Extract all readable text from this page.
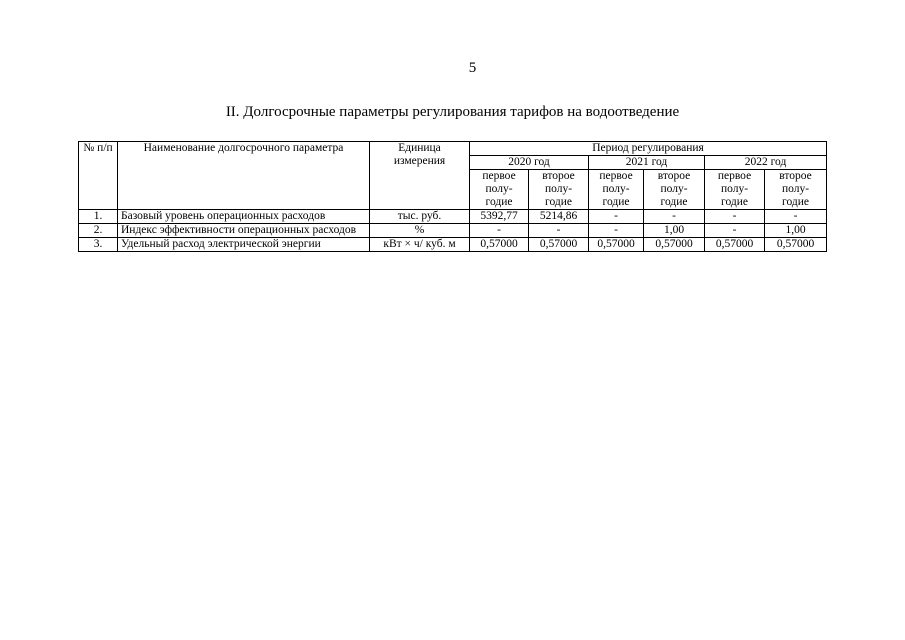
5
II. Долгосрочные параметры регулирования тарифов на водоотведение
№ п/п	Наименование долгосрочного параметра	Единица измерения	Период регулирования					
			2020 год		2021 год		2022 год	
			первое полу- годие	второе полу- годие	первое полу- годие	второе полу- годие	первое полу- годие	второе полу- годие
1.	Базовый уровень операционных расходов	тыс. руб.	5392,77	5214,86	-	-	-	-
2.	Индекс эффективности операционных расходов	%	-	-	-	1,00	-	1,00
3.	Удельный расход электрической энергии	кВт × ч/ куб. м	0,57000	0,57000	0,57000	0,57000	0,57000	0,57000
